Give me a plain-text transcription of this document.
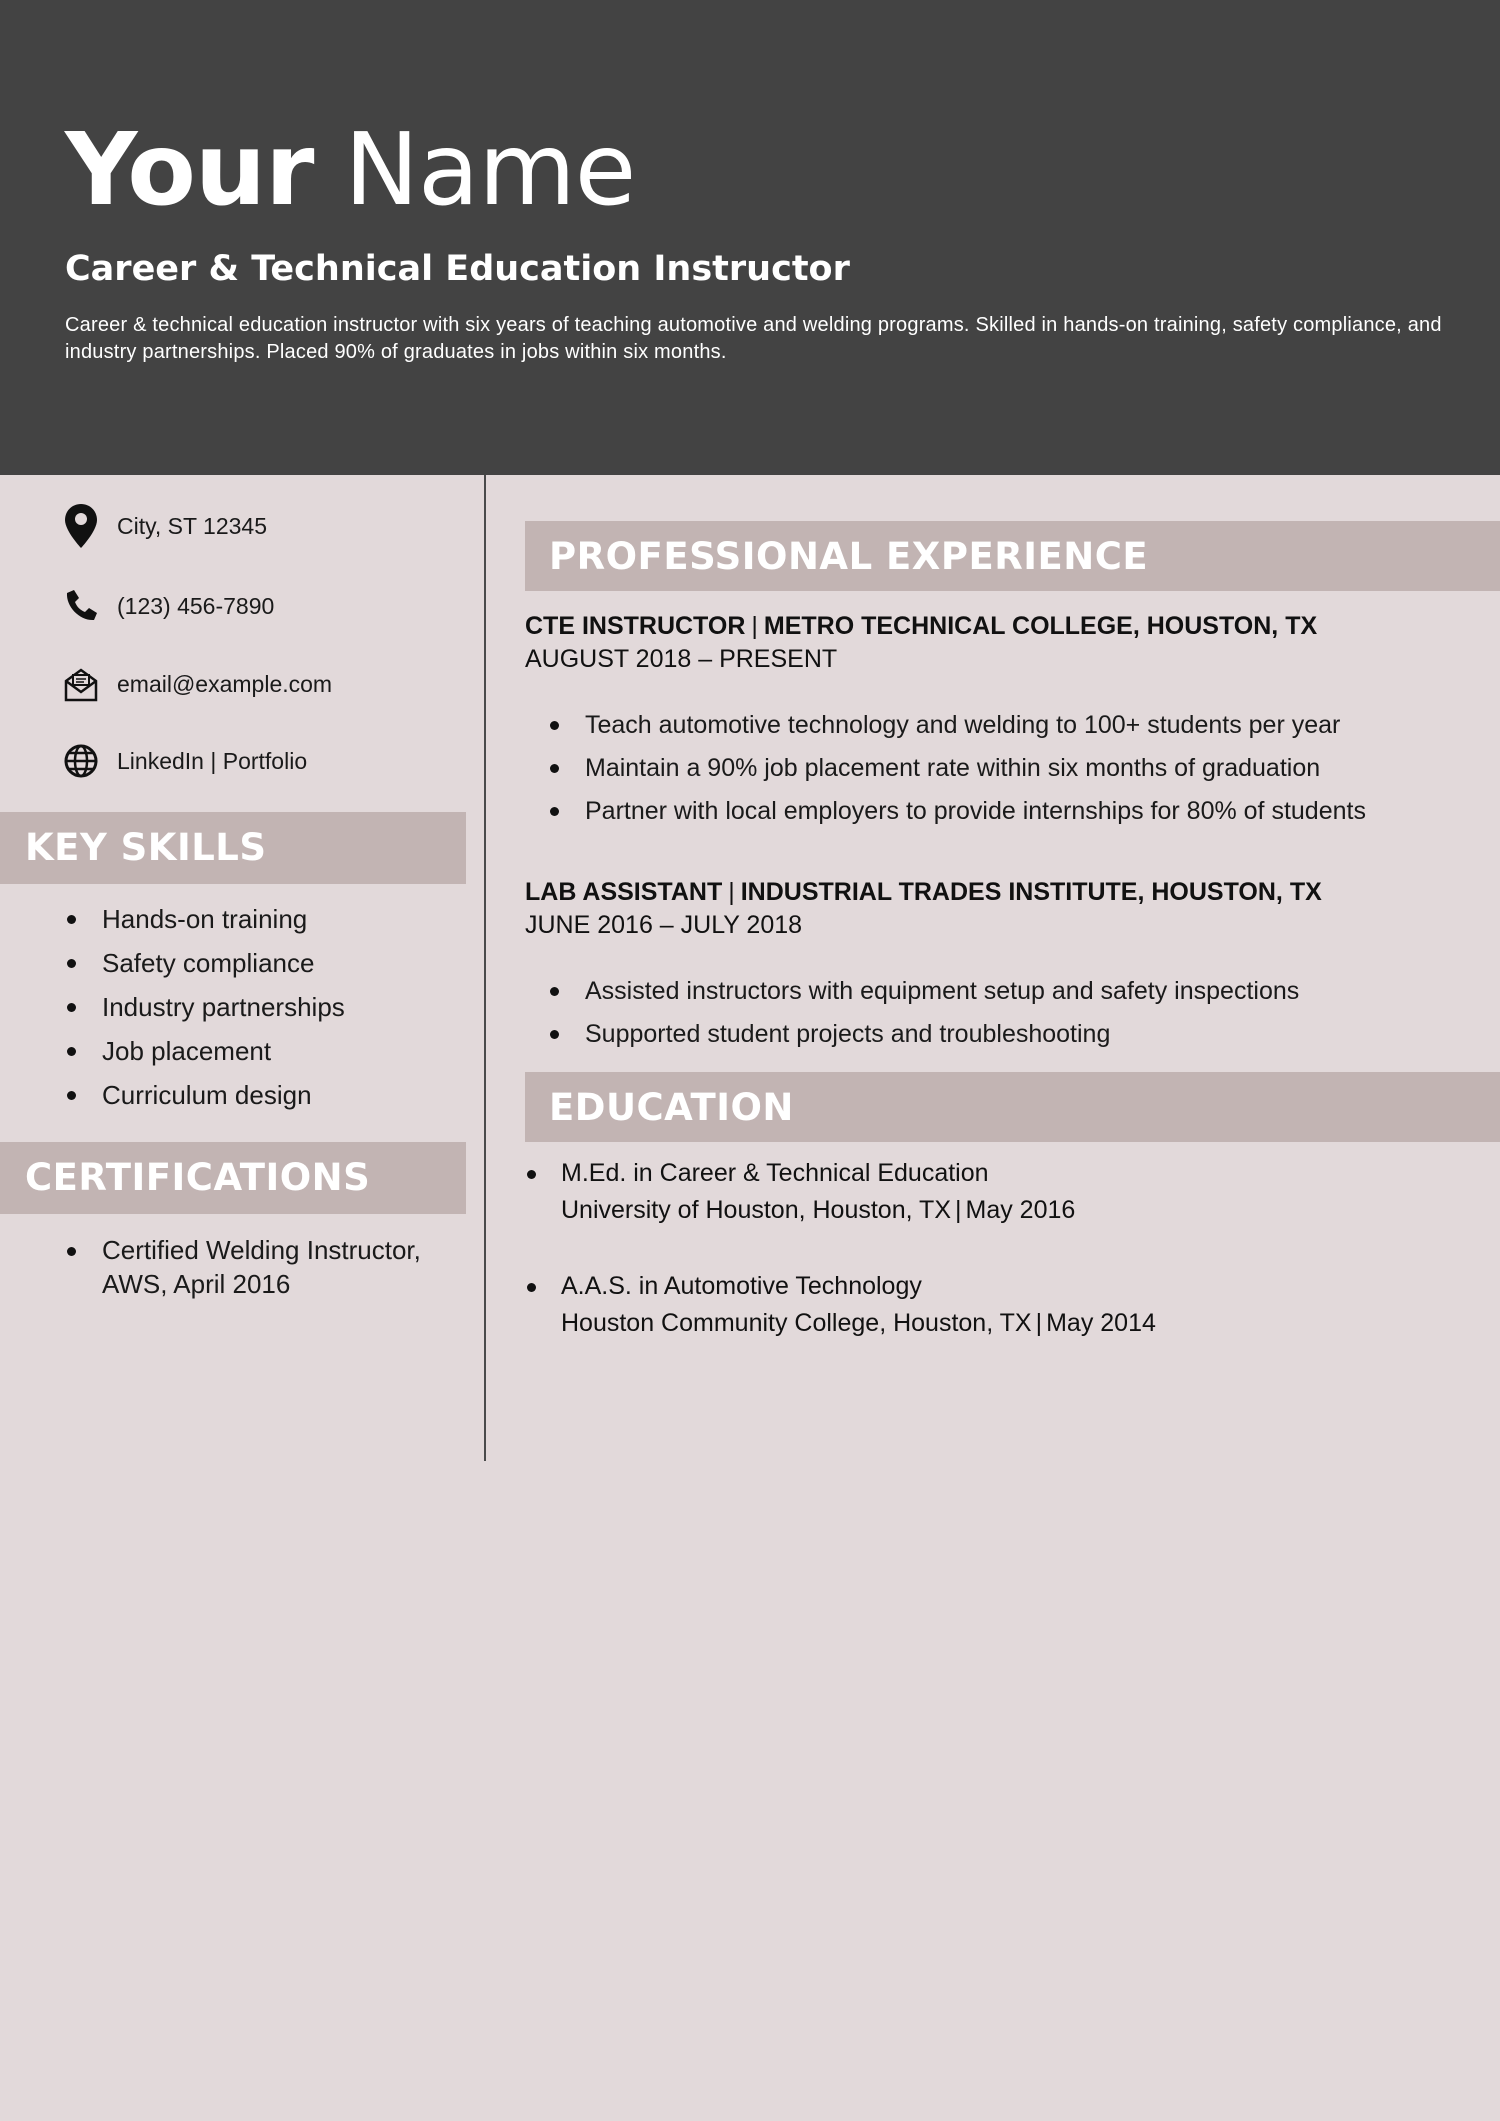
Your Name
Career & Technical Education Instructor
Career & technical education instructor with six years of teaching automotive and welding programs. Skilled in hands-on training, safety compliance, and industry partnerships. Placed 90% of graduates in jobs within six months.
City, ST 12345
(123) 456-7890
email@example.com
LinkedIn | Portfolio
KEY SKILLS
Hands-on training
Safety compliance
Industry partnerships
Job placement
Curriculum design
CERTIFICATIONS
Certified Welding Instructor, AWS, April 2016
PROFESSIONAL EXPERIENCE
CTE INSTRUCTOR | METRO TECHNICAL COLLEGE, HOUSTON, TX
AUGUST 2018 – PRESENT
Teach automotive technology and welding to 100+ students per year
Maintain a 90% job placement rate within six months of graduation
Partner with local employers to provide internships for 80% of students
LAB ASSISTANT | INDUSTRIAL TRADES INSTITUTE, HOUSTON, TX
JUNE 2016 – JULY 2018
Assisted instructors with equipment setup and safety inspections
Supported student projects and troubleshooting
EDUCATION
M.Ed. in Career & Technical Education
University of Houston, Houston, TX | May 2016
A.A.S. in Automotive Technology
Houston Community College, Houston, TX | May 2014
